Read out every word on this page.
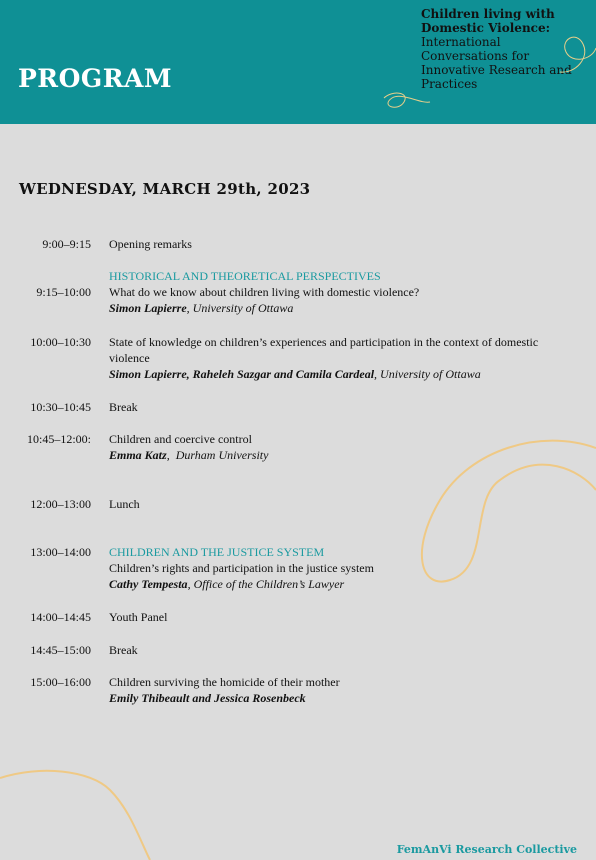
PROGRAM
Children living with
Domestic Violence:
International Conversations for Innovative Research and Practices
WEDNESDAY, MARCH 29th, 2023
9:00–9:15 Opening remarks
9:15–10:00
HISTORICAL AND THEORETICAL PERSPECTIVES
What do we know about children living with domestic violence?
Simon Lapierre, University of Ottawa
10:00–10:30 State of knowledge on children’s experiences and participation in the context of domestic violence
Simon Lapierre, Raheleh Sazgar and Camila Cardeal, University of Ottawa
10:30–10:45 Break
10:45–12:00: Children and coercive control
Emma Katz,  Durham University
12:00–13:00 Lunch
13:00–14:00 CHILDREN AND THE JUSTICE SYSTEM
Children’s rights and participation in the justice system
Cathy Tempesta, Office of the Children’s Lawyer
14:00–14:45 Youth Panel
14:45–15:00 Break
15:00–16:00 Children surviving the homicide of their mother
Emily Thibeault and Jessica Rosenbeck
FemAnVi Research Collective
